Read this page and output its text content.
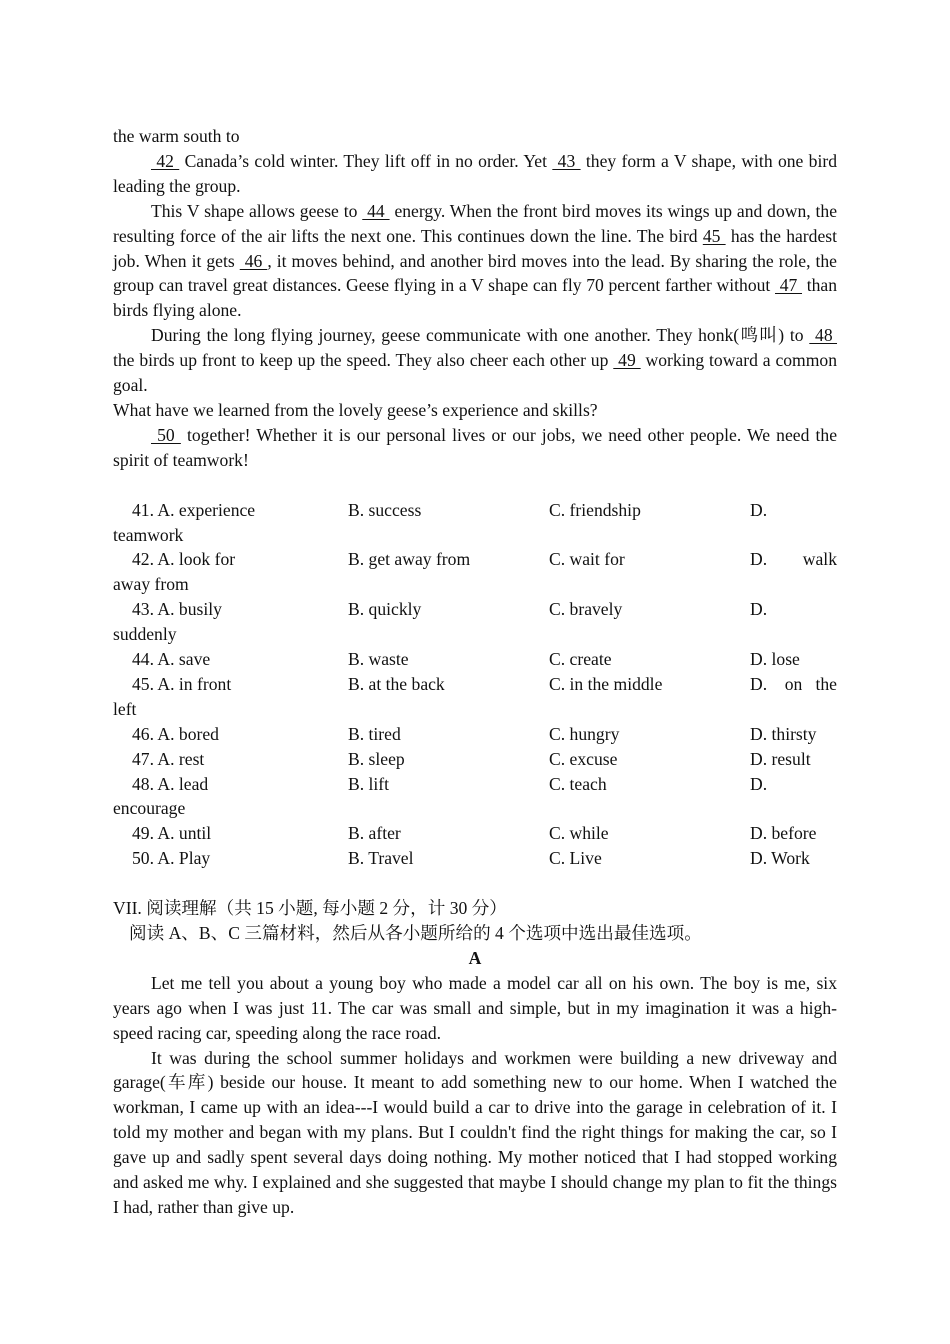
the warm south to

42  Canada’s cold winter. They lift off in no order. Yet  43  they form a V shape, with one bird leading the group.

This V shape allows geese to  44  energy. When the front bird moves its wings up and down, the resulting force of the air lifts the next one. This continues down the line. The bird 45  has the hardest job. When it gets  46 , it moves behind, and another bird moves into the lead. By sharing the role, the group can travel great distances. Geese flying in a V shape can fly 70 percent farther without  47  than birds flying alone.

During the long flying journey, geese communicate with one another. They honk(鸣叫) to  48  the birds up front to keep up the speed. They also cheer each other up  49  working toward a common goal.

What have we learned from the lovely geese’s experience and skills?

50  together! Whether it is our personal lives or our jobs, we need other people. We need the spirit of teamwork!

41. A. experience	B. success	C. friendship	D.
teamwork
42. A. look for	B. get away from	C. wait for	D. walk
away from
43. A. busily	B. quickly	C. bravely	D.
suddenly
44. A. save	B. waste	C. create	D. lose
45. A. in front	B. at the back	C. in the middle	D. on   the
left
46. A. bored	B. tired	C. hungry	D. thirsty
47. A. rest	B. sleep	C. excuse	D. result
48. A. lead	B. lift	C. teach	D.
encourage
49. A. until	B. after	C. while	D. before
50. A. Play	B. Travel	C. Live	D. Work

VII. 阅读理解（共 15 小题, 每小题 2 分，计 30 分）

阅读 A、B、C 三篇材料，然后从各小题所给的 4 个选项中选出最佳选项。

A

Let me tell you about a young boy who made a model car all on his own. The boy is me, six years ago when I was just 11. The car was small and simple, but in my imagination it was a high-speed racing car, speeding along the race road.

It was during the school summer holidays and workmen were building a new driveway and garage(车库) beside our house. It meant to add something new to our home. When I watched the workman, I came up with an idea---I would build a car to drive into the garage in celebration of it. I told my mother and began with my plans. But I couldn't find the right things for making the car, so I gave up and sadly spent several days doing nothing. My mother noticed that I had stopped working and asked me why. I explained and she suggested that maybe I should change my plan to fit the things I had, rather than give up.
